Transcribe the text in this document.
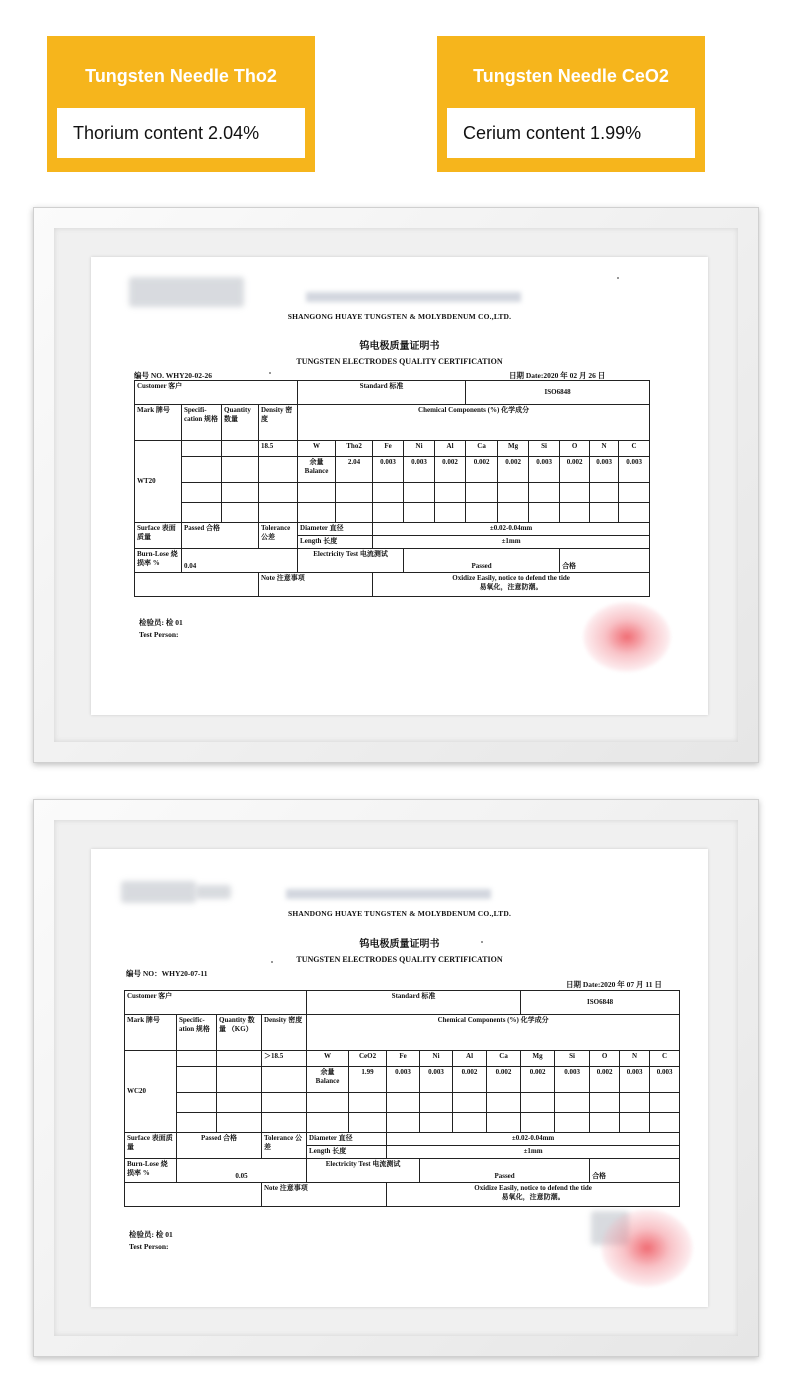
Tungsten Needle Tho2
Thorium content 2.04%
Tungsten Needle CeO2
Cerium content 1.99%
SHANGONG HUAYE TUNGSTEN & MOLYBDENUM CO.,LTD.
钨电极质量证明书
TUNGSTEN ELECTRODES QUALITY CERTIFICATION
编号 NO. WHY20-02-26	日期 Date:2020 年 02 月 26 日
Customer 客户				Standard 标准					ISO6848					
Mark 牌号	Specifi- cation 规格	Quantity 数量	Density 密度	Chemical Components (%) 化学成分										
WT20			18.5	W	Tho2	Fe	Ni	Al	Ca	Mg	Si	O	N	C
				余量 Balance	2.04	0.003	0.003	0.002	0.002	0.002	0.003	0.002	0.003	0.003

Surface 表面质量	Passed 合格		Tolerance 公差	Diameter 直径		±0.02-0.04mm								
				Length 长度		±1mm								
Burn-Lose 烧损率 %	0.04			Electricity Test 电流测试			Passed					合格		
			Note 注意事项			Oxidize Easily, notice to defend the tide
易氧化，注意防潮。								
检验员: 检 01
Test Person:
SHANDONG HUAYE TUNGSTEN & MOLYBDENUM CO.,LTD.
钨电极质量证明书
TUNGSTEN ELECTRODES QUALITY CERTIFICATION
编号 NO：WHY20-07-11
日期 Date:2020 年 07 月 11 日
Customer 客户				Standard 标准						ISO6848				
Mark 牌号	Specific- ation 规格	Quantity 数量 （KG）	Density 密度	Chemical Components (%) 化学成分										
WC20			＞18.5	W	CeO2	Fe	Ni	Al	Ca	Mg	Si	O	N	C
				余量 Balance	1.99	0.003	0.003	0.002	0.002	0.002	0.003	0.002	0.003	0.003

Surface 表面质量	Passed 合格		Tolerance 公差	Diameter 直径		±0.02-0.04mm								
				Length 长度		±1mm								
Burn-Lose 烧损率 %	0.05			Electricity Test 电流测试			Passed					合格		
			Note 注意事项			Oxidize Easily, notice to defend the tide
易氧化，注意防潮。								
检验员: 检 01
Test Person:
